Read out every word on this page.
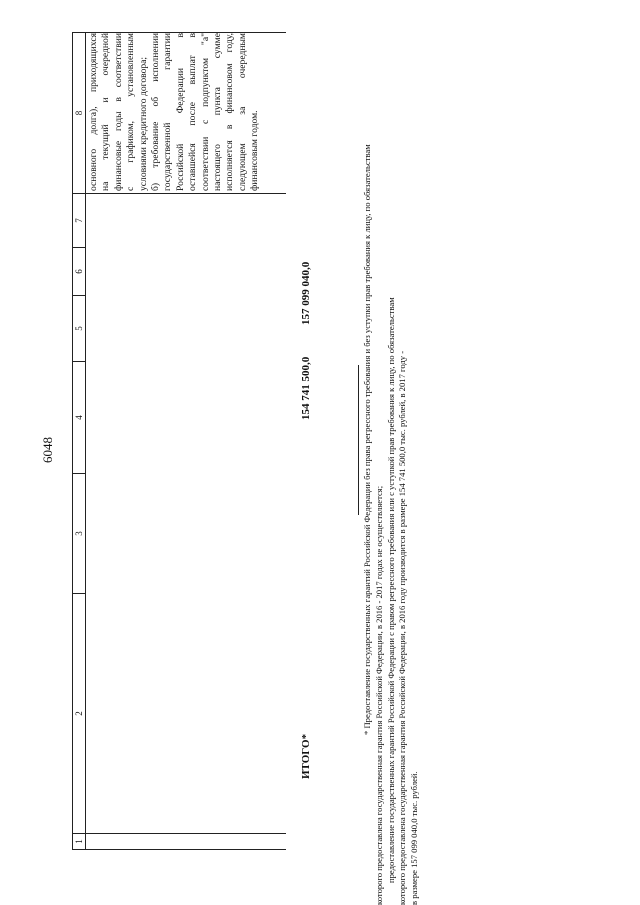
6048
1
2
3
4
5
6
7
8 основного долга), приходящихся на текущий и очередной финансовые годы в соответствии с графиком, установленным условиями кредитного договора; б) требование об исполнении государственной гарантии Российской Федерации в оставшейся после выплат в соответствии с подпунктом "а" настоящего пункта сумме исполняется в финансовом году, следующем за очередным финансовым годом.
ИТОГО*
154 741 500,0
157 099 040,0	* Предоставление государственных гарантий Российской Федерации без права регрессного требования и без уступки прав требования к лицу, по обязательствам которого предоставлена государственная гарантия Российской Федерации, в 2016 - 2017 годах не осуществляется; предоставление государственных гарантий Российской Федерации с правом регрессного требования или с уступкой прав требования к лицу, по обязательствам которого предоставлена государственная гарантия Российской Федерации, в 2016 году производится в размере 154 741 500,0 тыс. рублей, в 2017 году - в размере 157 099 040,0 тыс. рублей.
